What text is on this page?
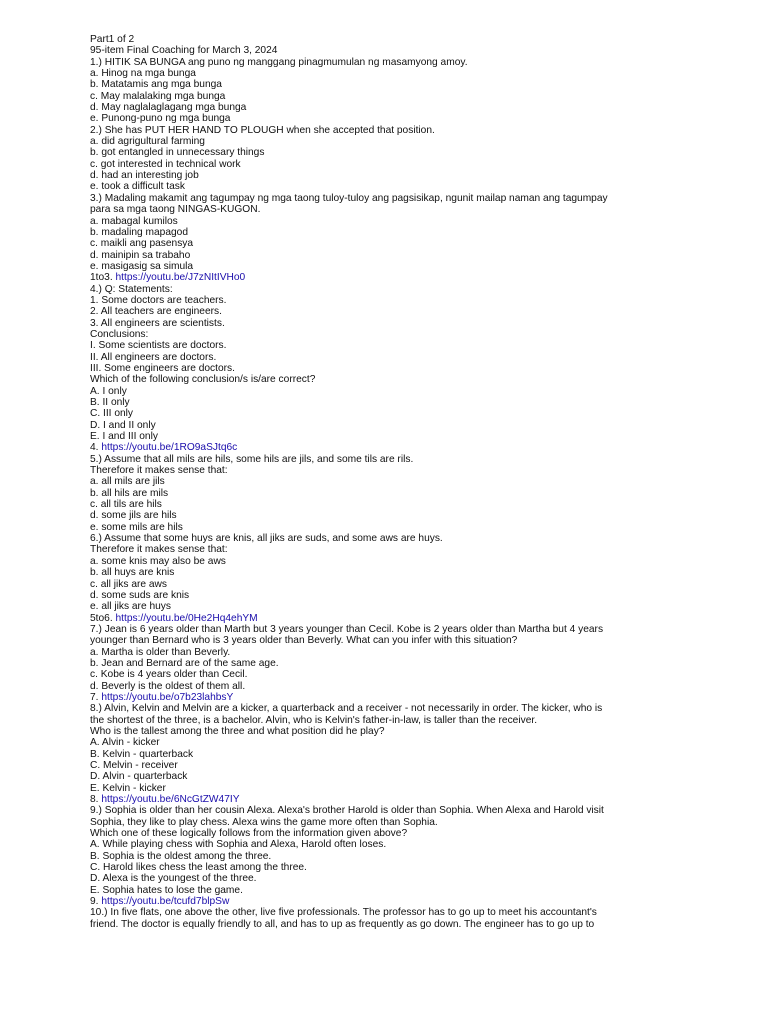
Part1 of 2
95-item Final Coaching for March 3, 2024
1.) HITIK SA BUNGA ang puno ng manggang pinagmumulan ng masamyong amoy.
a. Hinog na mga bunga
b. Matatamis ang mga bunga
c. May malalaking mga bunga
d. May naglalaglagang mga bunga
e. Punong-puno ng mga bunga
2.) She has PUT HER HAND TO PLOUGH when she accepted that position.
a. did agrigultural farming
b. got entangled in unnecessary things
c. got interested in technical work
d. had an interesting job
e. took a difficult task
3.) Madaling makamit ang tagumpay ng mga taong tuloy-tuloy ang pagsisikap, ngunit mailap naman ang tagumpay
para sa mga taong NINGAS-KUGON.
a. mabagal kumilos
b. madaling mapagod
c. maikli ang pasensya
d. mainipin sa trabaho
e. masigasig sa simula
1to3. https://youtu.be/J7zNItIVHo0
4.) Q: Statements:
1. Some doctors are teachers.
2. All teachers are engineers.
3. All engineers are scientists.
Conclusions:
I. Some scientists are doctors.
II. All engineers are doctors.
III. Some engineers are doctors.
Which of the following conclusion/s is/are correct?
A. I only
B. II only
C. III only
D. I and II only
E. I and III only
4. https://youtu.be/1RO9aSJtq6c
5.) Assume that all mils are hils, some hils are jils, and some tils are rils.
Therefore it makes sense that:
a. all mils are jils
b. all hils are mils
c. all tils are hils
d. some jils are hils
e. some mils are hils
6.) Assume that some huys are knis, all jiks are suds, and some aws are huys.
Therefore it makes sense that:
a. some knis may also be aws
b. all huys are knis
c. all jiks are aws
d. some suds are knis
e. all jiks are huys
5to6. https://youtu.be/0He2Hq4ehYM
7.) Jean is 6 years older than Marth but 3 years younger than Cecil. Kobe is 2 years older than Martha but 4 years
younger than Bernard who is 3 years older than Beverly. What can you infer with this situation?
a. Martha is older than Beverly.
b. Jean and Bernard are of the same age.
c. Kobe is 4 years older than Cecil.
d. Beverly is the oldest of them all.
7. https://youtu.be/o7b23lahbsY
8.) Alvin, Kelvin and Melvin are a kicker, a quarterback and a receiver - not necessarily in order. The kicker, who is
the shortest of the three, is a bachelor. Alvin, who is Kelvin's father-in-law, is taller than the receiver.
Who is the tallest among the three and what position did he play?
A. Alvin - kicker
B. Kelvin - quarterback
C. Melvin - receiver
D. Alvin - quarterback
E. Kelvin - kicker
8. https://youtu.be/6NcGtZW47IY
9.) Sophia is older than her cousin Alexa. Alexa's brother Harold is older than Sophia. When Alexa and Harold visit
Sophia, they like to play chess. Alexa wins the game more often than Sophia.
Which one of these logically follows from the information given above?
A. While playing chess with Sophia and Alexa, Harold often loses.
B. Sophia is the oldest among the three.
C. Harold likes chess the least among the three.
D. Alexa is the youngest of the three.
E. Sophia hates to lose the game.
9. https://youtu.be/tcufd7blpSw
10.) In five flats, one above the other, live five professionals. The professor has to go up to meet his accountant's
friend. The doctor is equally friendly to all, and has to up as frequently as go down. The engineer has to go up to
